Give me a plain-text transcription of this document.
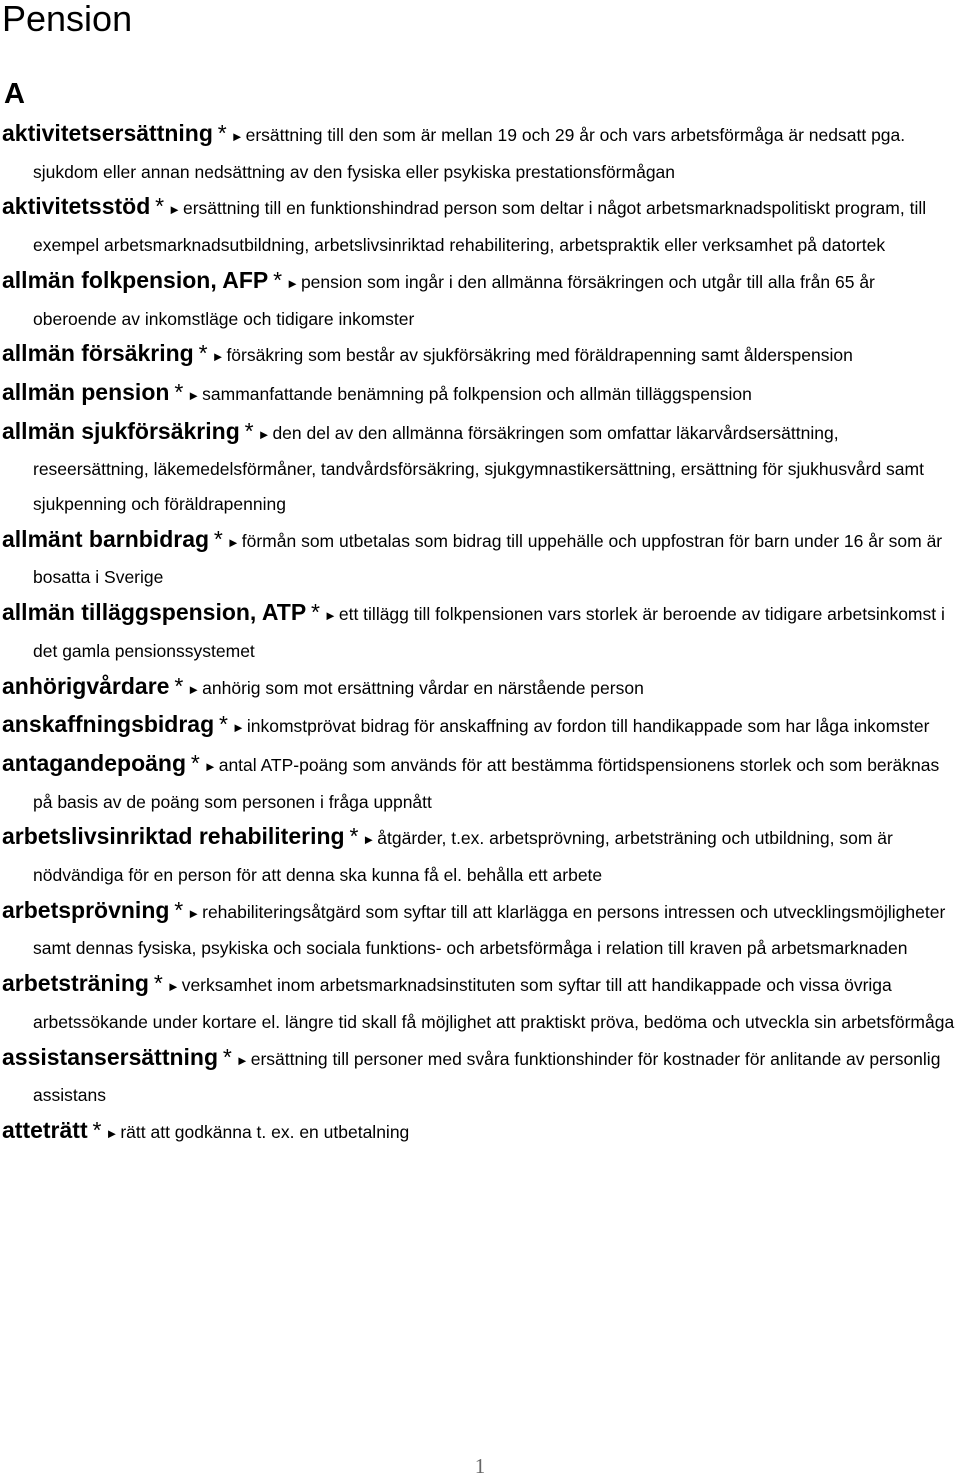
Pension
A

aktivitetsersättning * ► ersättning till den som är mellan 19 och 29 år och vars arbetsförmåga är nedsatt pga. sjukdom eller annan nedsättning av den fysiska eller psykiska prestationsförmågan

aktivitetsstöd * ► ersättning till en funktionshindrad person som deltar i något arbetsmarknadspolitiskt program, till exempel arbetsmarknadsutbildning, arbetslivsinriktad rehabilitering, arbetspraktik eller verksamhet på datortek

allmän folkpension, AFP * ► pension som ingår i den allmänna försäkringen och utgår till alla från 65 år oberoende av inkomstläge och tidigare inkomster

allmän försäkring * ► försäkring som består av sjukförsäkring med föräldrapenning samt ålderspension

allmän pension * ► sammanfattande benämning på folkpension och allmän tilläggspension

allmän sjukförsäkring * ► den del av den allmänna försäkringen som omfattar läkarvårdsersättning, reseersättning, läkemedelsförmåner, tandvårdsförsäkring, sjukgymnastikersättning, ersättning för sjukhusvård samt sjukpenning och föräldrapenning

allmänt barnbidrag * ► förmån som utbetalas som bidrag till uppehälle och uppfostran för barn under 16 år som är bosatta i Sverige

allmän tilläggspension, ATP * ► ett tillägg till folkpensionen vars storlek är beroende av tidigare arbetsinkomst i det gamla pensionssystemet

anhörigvårdare * ► anhörig som mot ersättning vårdar en närstående person

anskaffningsbidrag * ► inkomstprövat bidrag för anskaffning av fordon till handikappade som har låga inkomster

antagandepoäng * ► antal ATP-poäng som används för att bestämma förtidspensionens storlek och som beräknas på basis av de poäng som personen i fråga uppnått

arbetslivsinriktad rehabilitering * ► åtgärder, t.ex. arbetsprövning, arbetsträning och utbildning, som är nödvändiga för en person för att denna ska kunna få el. behålla ett arbete

arbetsprövning * ► rehabiliteringsåtgärd som syftar till att klarlägga en persons intressen och utvecklingsmöjligheter samt dennas fysiska, psykiska och sociala funktions- och arbetsförmåga i relation till kraven på arbetsmarknaden

arbetsträning * ► verksamhet inom arbetsmarknadsinstituten som syftar till att handikappade och vissa övriga arbetssökande under kortare el. längre tid skall få möjlighet att praktiskt pröva, bedöma och utveckla sin arbetsförmåga

assistansersättning * ► ersättning till personer med svåra funktionshinder för kostnader för anlitande av personlig assistans

atteträtt * ► rätt att godkänna t. ex. en utbetalning

1
